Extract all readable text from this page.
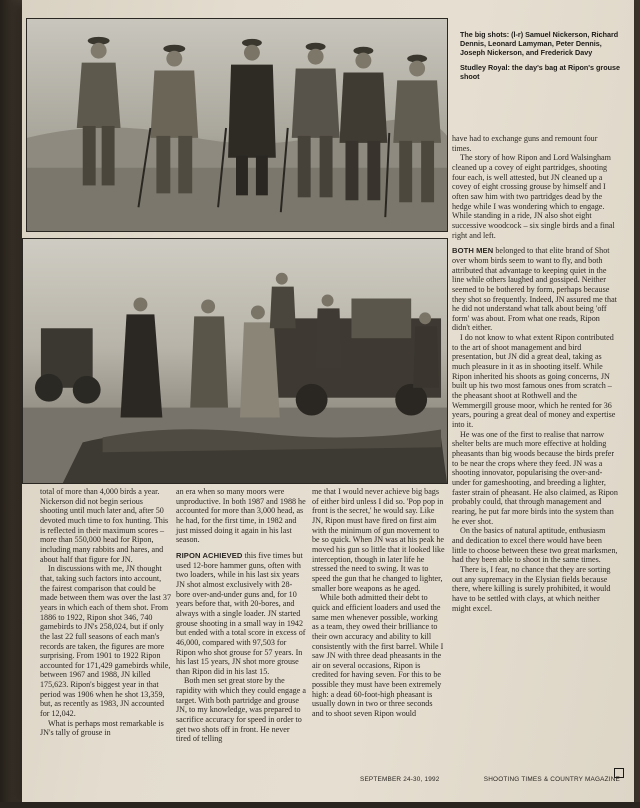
The big shots: (l-r) Samuel Nickerson, Richard Dennis, Leonard Lamyman, Peter Dennis, Joseph Nickerson, and Frederick Davy

Studley Royal: the day's bag at Ripon's grouse shoot

have had to exchange guns and remount four times.

The story of how Ripon and Lord Walsingham cleaned up a covey of eight partridges, shooting four each, is well attested, but JN cleaned up a covey of eight crossing grouse by himself and I often saw him with two partridges dead by the hedge while I was wondering which to engage. While standing in a ride, JN also shot eight successive woodcock – six single birds and a final right and left.

BOTH MEN belonged to that elite brand of Shot over whom birds seem to want to fly, and both attributed that advantage to keeping quiet in the line while others laughed and gossiped. Neither seemed to be bothered by form, perhaps because they shot so frequently. Indeed, JN assured me that he did not understand what talk about being 'off form' was about. From what one reads, Ripon didn't either.

I do not know to what extent Ripon contributed to the art of shoot management and bird presentation, but JN did a great deal, taking as much pleasure in it as in shooting itself. While Ripon inherited his shoots as going concerns, JN built up his two most famous ones from scratch – the pheasant shoot at Rothwell and the Wemmergill grouse moor, which he rented for 36 years, pouring a great deal of money and expertise into it.

He was one of the first to realise that narrow shelter belts are much more effective at holding pheasants than big woods because the birds prefer to be near the crops where they feed. JN was a shooting innovator, popularising the over-and-under for gameshooting, and breeding a lighter, faster strain of pheasant. He also claimed, as Ripon probably could, that through management and rearing, he put far more birds into the system than he ever shot.

On the basics of natural aptitude, enthusiasm and dedication to excel there would have been little to choose between these two great marksmen, had they been able to shoot in the same times.

There is, I fear, no chance that they are sorting out any supremacy in the Elysian fields because there, where killing is surely prohibited, it would have to be settled with clays, at which neither might excel.

total of more than 4,000 birds a year. Nickerson did not begin serious shooting until much later and, after 50 devoted much time to fox hunting. This is reflected in their maximum scores – more than 550,000 head for Ripon, including many rabbits and hares, and about half that figure for JN.

In discussions with me, JN thought that, taking such factors into account, the fairest comparison that could be made between them was over the last 37 years in which each of them shot. From 1886 to 1922, Ripon shot 346, 740 gamebirds to JN's 258,024, but if only the last 22 full seasons of each man's records are taken, the figures are more surprising. From 1901 to 1922 Ripon accounted for 171,429 gamebirds while, between 1967 and 1988, JN killed 175,623. Ripon's biggest year in that period was 1906 when he shot 13,359, but, as recently as 1983, JN accounted for 12,042.

What is perhaps most remarkable is JN's tally of grouse in

an era when so many moors were unproductive. In both 1987 and 1988 he accounted for more than 3,000 head, as he had, for the first time, in 1982 and just missed doing it again in his last season.

RIPON ACHIEVED this five times but used 12-bore hammer guns, often with two loaders, while in his last six years JN shot almost exclusively with 28-bore over-and-under guns and, for 10 years before that, with 20-bores, and always with a single loader. JN started grouse shooting in a small way in 1942 but ended with a total score in excess of 46,000, compared with 97,503 for Ripon who shot grouse for 57 years. In his last 15 years, JN shot more grouse than Ripon did in his last 15.

Both men set great store by the rapidity with which they could engage a target. With both partridge and grouse JN, to my knowledge, was prepared to sacrifice accuracy for speed in order to get two shots off in front. He never tired of telling

me that I would never achieve big bags of either bird unless I did so. 'Pop pop in front is the secret,' he would say. Like JN, Ripon must have fired on first aim with the minimum of gun movement to be so quick. When JN was at his peak he moved his gun so little that it looked like interception, though in later life he stressed the need to swing. It was to speed the gun that he changed to lighter, smaller bore weapons as he aged.

While both admitted their debt to quick and efficient loaders and used the same men whenever possible, working as a team, they owed their brilliance to their own accuracy and ability to kill consistently with the first barrel. While I saw JN with three dead pheasants in the air on several occasions, Ripon is credited for having seven. For this to be possible they must have been extremely high: a dead 60-foot-high pheasant is usually down in two or three seconds and to shoot seven Ripon would

SEPTEMBER 24-30, 1992	SHOOTING TIMES & COUNTRY MAGAZINE
